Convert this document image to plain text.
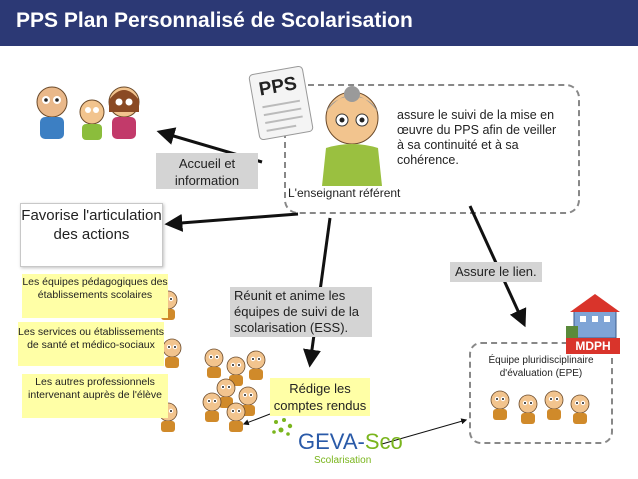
PPS Plan Personnalisé de Scolarisation
PPS
assure le suivi de la mise en œuvre du PPS afin de veiller à sa continuité et à sa cohérence.
L'enseignant référent
Accueil et information
Favorise l'articulation des actions
Assure le lien.
Réunit et anime les équipes de suivi de la scolarisation (ESS).
Rédige les comptes rendus
Les équipes pédagogiques des établissements scolaires
Les services ou établissements de santé et médico-sociaux
Les autres professionnels intervenant auprès de l'élève
MDPH
Équipe pluridisciplinaire d'évaluation (EPE)
GEVA-Sco
Scolarisation
